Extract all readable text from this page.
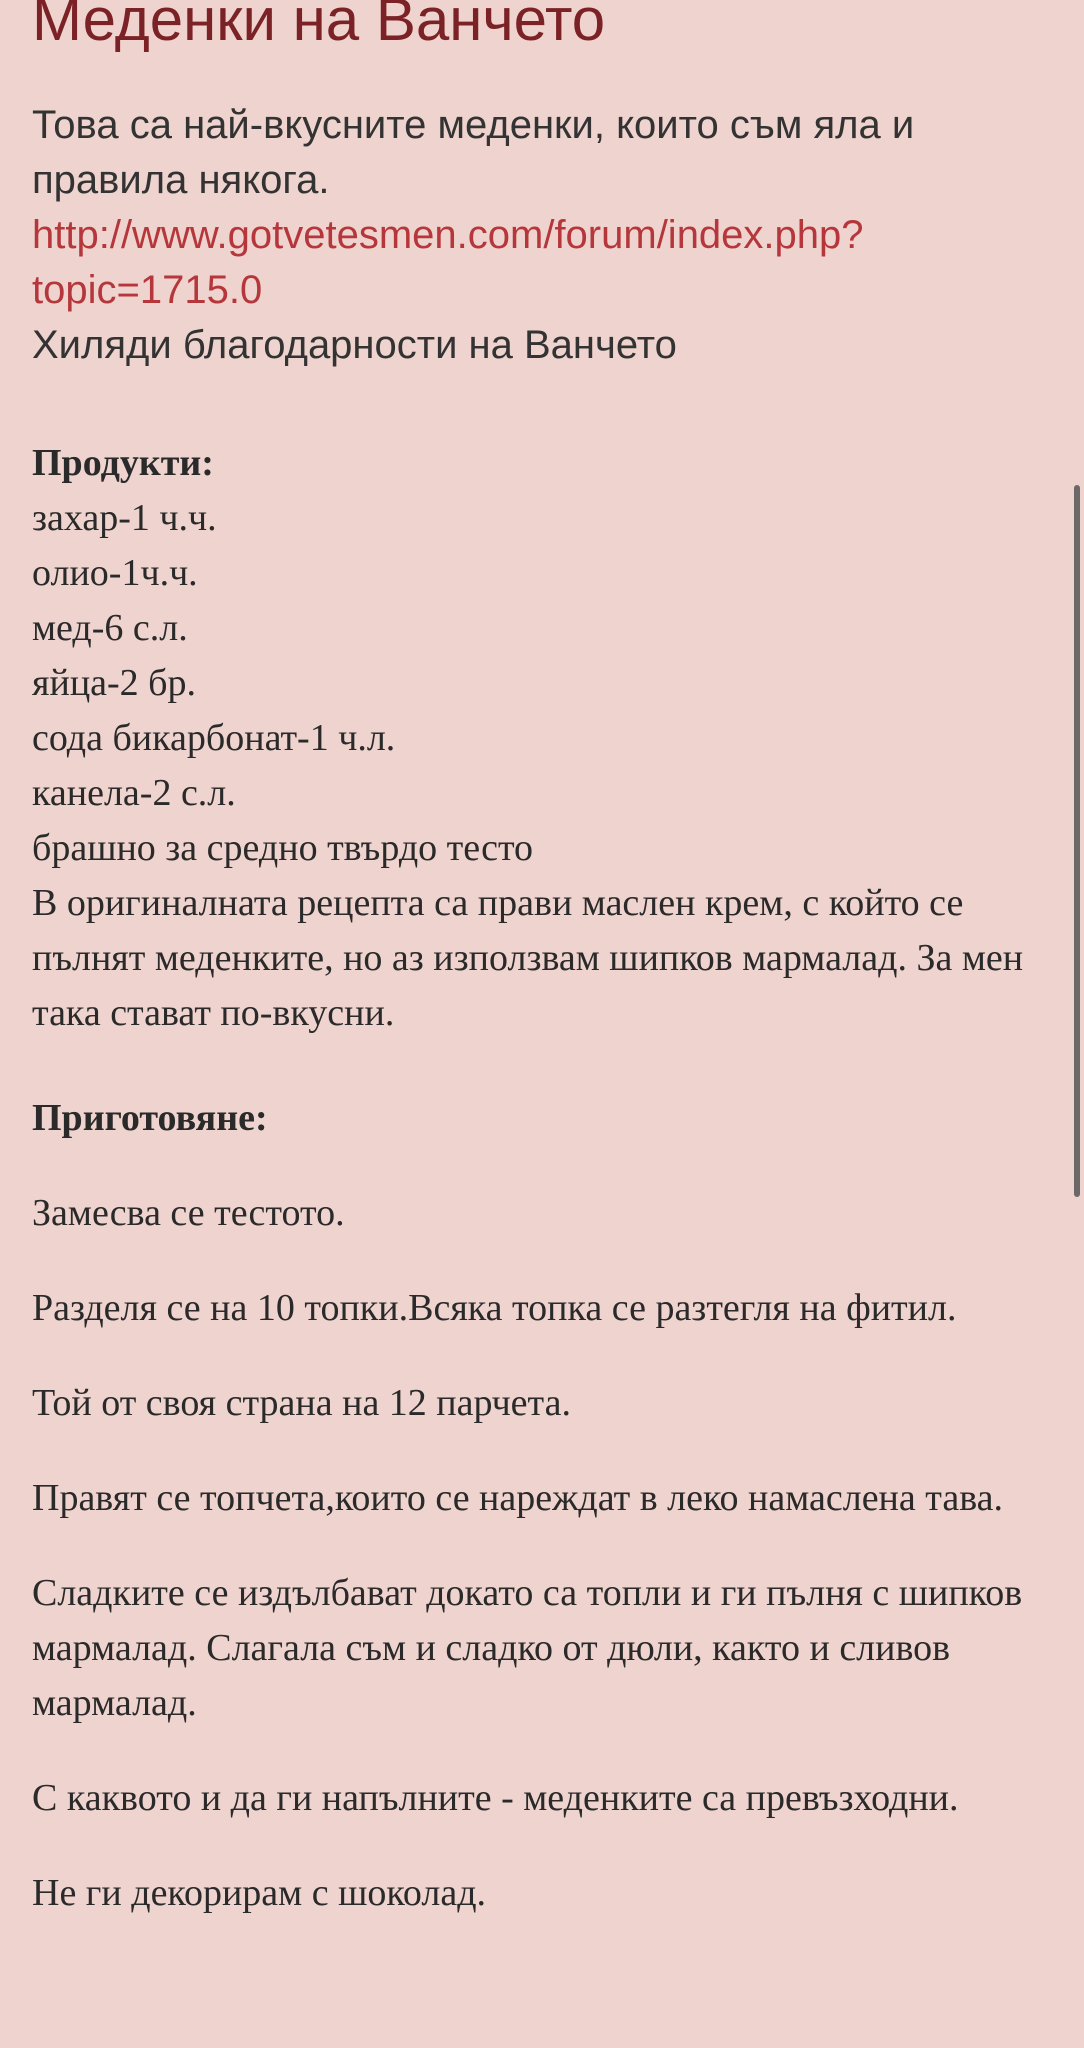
Меденки на Ванчето
Това са най-вкусните меденки, които съм яла и правила някога.
http://www.gotvetesmen.com/forum/index.php?
topic=1715.0
Хиляди благодарности на Ванчето
Продукти:
захар-1 ч.ч.
олио-1ч.ч.
мед-6 с.л.
яйца-2 бр.
сода бикарбонат-1 ч.л.
канела-2 с.л.
брашно за средно твърдо тесто
В оригиналната рецепта са прави маслен крем, с който се пълнят меденките, но аз използвам шипков мармалад. За мен така стават по-вкусни.
Приготовяне:
Замесва се тестото.
Разделя се на 10 топки.Всяка топка се разтегля на фитил.
Той от своя страна на 12 парчета.
Правят се топчета,които се нареждат в леко намаслена тава.
Сладките се издълбават докато са топли и ги пълня с шипков мармалад. Слагала съм и сладко от дюли, както и сливов мармалад.
С каквото и да ги напълните - меденките са превъзходни.
Не ги декорирам с шоколад.
